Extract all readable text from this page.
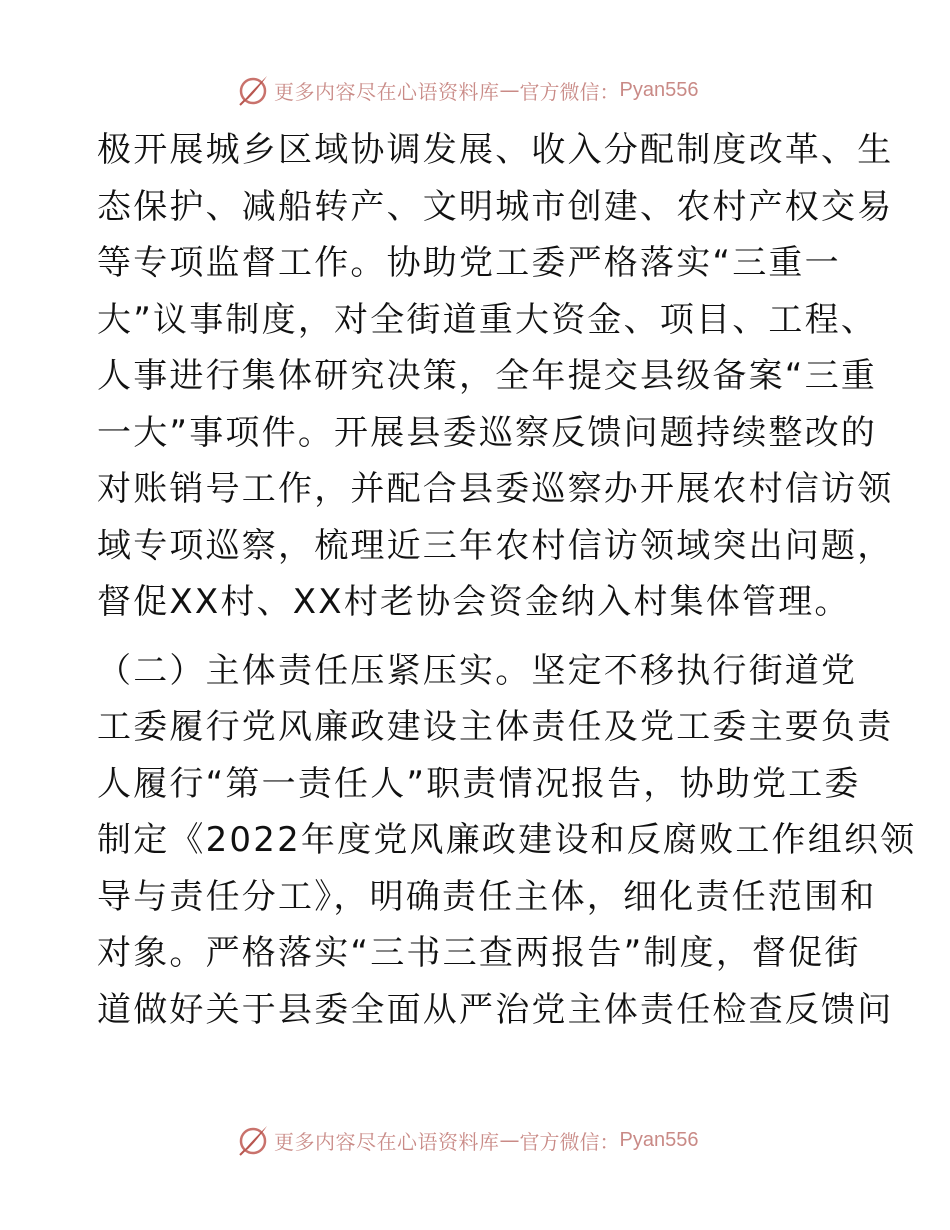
更多内容尽在心语资料库 — 官方微信： Pyan556

极开展城乡区域协调发展、收入分配制度改革、生
态保护、减船转产、文明城市创建、农村产权交易
等专项监督工作。协助党工委严格落实“三重一
大”议事制度，对全街道重大资金、项目、工程、
人事进行集体研究决策，全年提交县级备案“三重
一大”事项件。开展县委巡察反馈问题持续整改的
对账销号工作，并配合县委巡察办开展农村信访领
域专项巡察，梳理近三年农村信访领域突出问题，
督促XX村、XX村老协会资金纳入村集体管理。

（二）主体责任压紧压实。坚定不移执行街道党
工委履行党风廉政建设主体责任及党工委主要负责
人履行“第一责任人”职责情况报告，协助党工委
制定《2022年度党风廉政建设和反腐败工作组织领
导与责任分工》，明确责任主体，细化责任范围和
对象。严格落实“三书三查两报告”制度，督促街
道做好关于县委全面从严治党主体责任检查反馈问

更多内容尽在心语资料库 — 官方微信： Pyan556
